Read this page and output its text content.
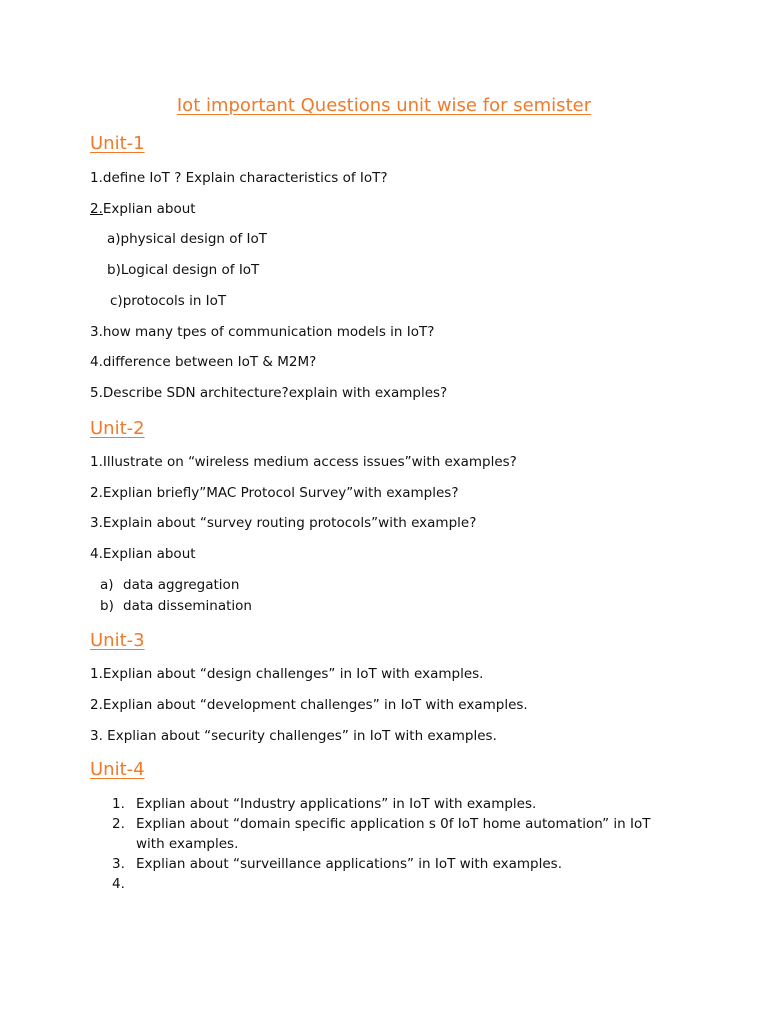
Iot important Questions unit wise for semister
Unit-1

1.define IoT ? Explain characteristics of IoT?

2.Explian about

a)physical design of IoT

b)Logical design of IoT

c)protocols in IoT

3.how many tpes of communication models in IoT?

4.difference between IoT & M2M?

5.Describe SDN architecture?explain with examples?

Unit-2

1.Illustrate on “wireless medium access issues”with examples?

2.Explian briefly”MAC Protocol Survey”with examples?

3.Explain about “survey routing protocols”with example?

4.Explian about

a) data aggregation
b) data dissemination
Unit-3

1.Explian about “design challenges” in IoT with examples.

2.Explian about “development challenges” in IoT with examples.

3. Explian about “security challenges” in IoT with examples.

Unit-4
1. Explian about “Industry applications” in IoT with examples.
2. Explian about “domain specific application s 0f IoT home automation” in IoT with examples.
3. Explian about “surveillance applications” in IoT with examples.
4.
